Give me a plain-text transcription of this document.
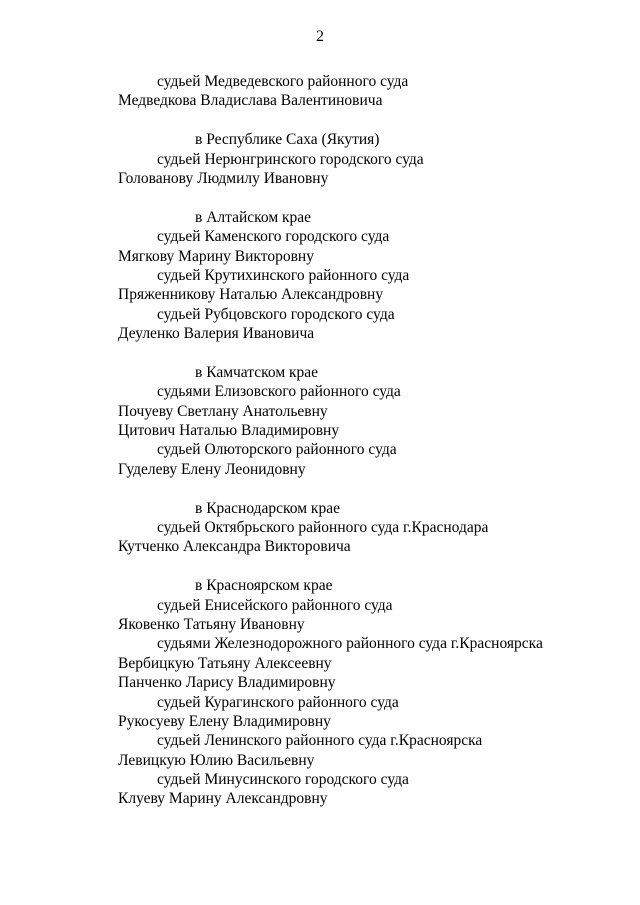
2
судьей Медведевского районного суда
Медведкова Владислава Валентиновича
в Республике Саха (Якутия)
судьей Нерюнгринского городского суда
Голованову Людмилу Ивановну
в Алтайском крае
судьей Каменского городского суда
Мягкову Марину Викторовну
судьей Крутихинского районного суда
Пряженникову Наталью Александровну
судьей Рубцовского городского суда
Деуленко Валерия Ивановича
в Камчатском крае
судьями Елизовского районного суда
Почуеву Светлану Анатольевну
Цитович Наталью Владимировну
судьей Олюторского районного суда
Гуделеву Елену Леонидовну
в Краснодарском крае
судьей Октябрьского районного суда г.Краснодара
Кутченко Александра Викторовича
в Красноярском крае
судьей Енисейского районного суда
Яковенко Татьяну Ивановну
судьями Железнодорожного районного суда г.Красноярска
Вербицкую Татьяну Алексеевну
Панченко Ларису Владимировну
судьей Курагинского районного суда
Рукосуеву Елену Владимировну
судьей Ленинского районного суда г.Красноярска
Левицкую Юлию Васильевну
судьей Минусинского городского суда
Клуеву Марину Александровну
